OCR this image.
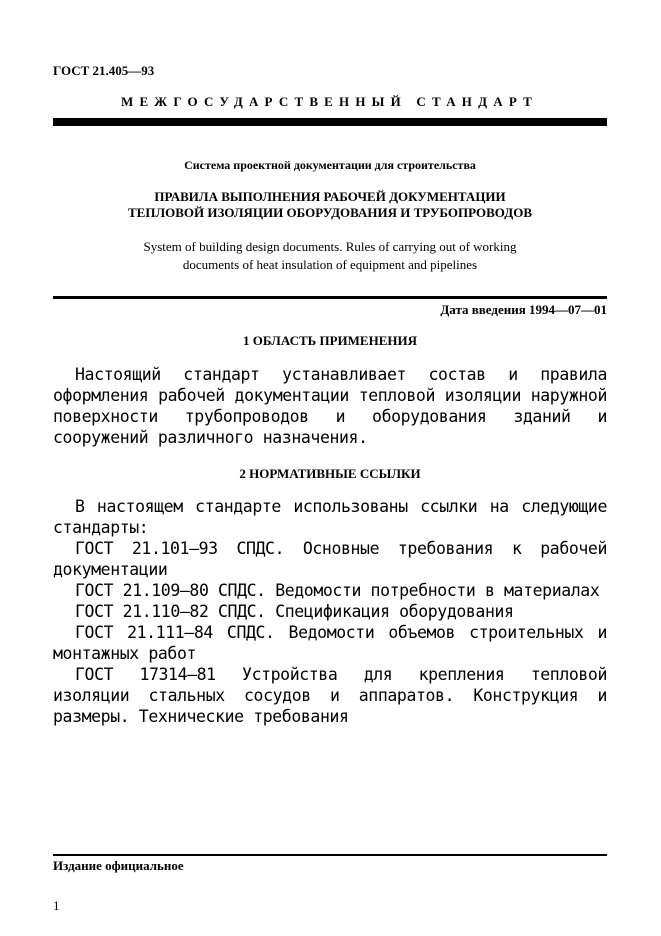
ГОСТ 21.405—93
МЕЖГОСУДАРСТВЕННЫЙ СТАНДАРТ
Система проектной документации для строительства
ПРАВИЛА ВЫПОЛНЕНИЯ РАБОЧЕЙ ДОКУМЕНТАЦИИ
ТЕПЛОВОЙ ИЗОЛЯЦИИ ОБОРУДОВАНИЯ И ТРУБОПРОВОДОВ
System of building design documents. Rules of carrying out of working
documents of heat insulation of equipment and pipelines
Дата введения 1994—07—01
1 ОБЛАСТЬ ПРИМЕНЕНИЯ

Настоящий стандарт устанавливает состав и правила оформления рабочей документации тепловой изоляции наружной поверхности трубопроводов и оборудования зданий и сооружений различного назначения.

2 НОРМАТИВНЫЕ ССЫЛКИ

В настоящем стандарте использованы ссылки на следующие стандарты:

ГОСТ 21.101—93 СПДС. Основные требования к рабочей документации

ГОСТ 21.109—80 СПДС. Ведомости потребности в материалах

ГОСТ 21.110—82 СПДС. Спецификация оборудования

ГОСТ 21.111—84 СПДС. Ведомости объемов строительных и монтажных работ

ГОСТ 17314—81 Устройства для крепления тепловой изоляции стальных сосудов и аппаратов. Конструкция и размеры. Технические требования

Издание официальное
1
